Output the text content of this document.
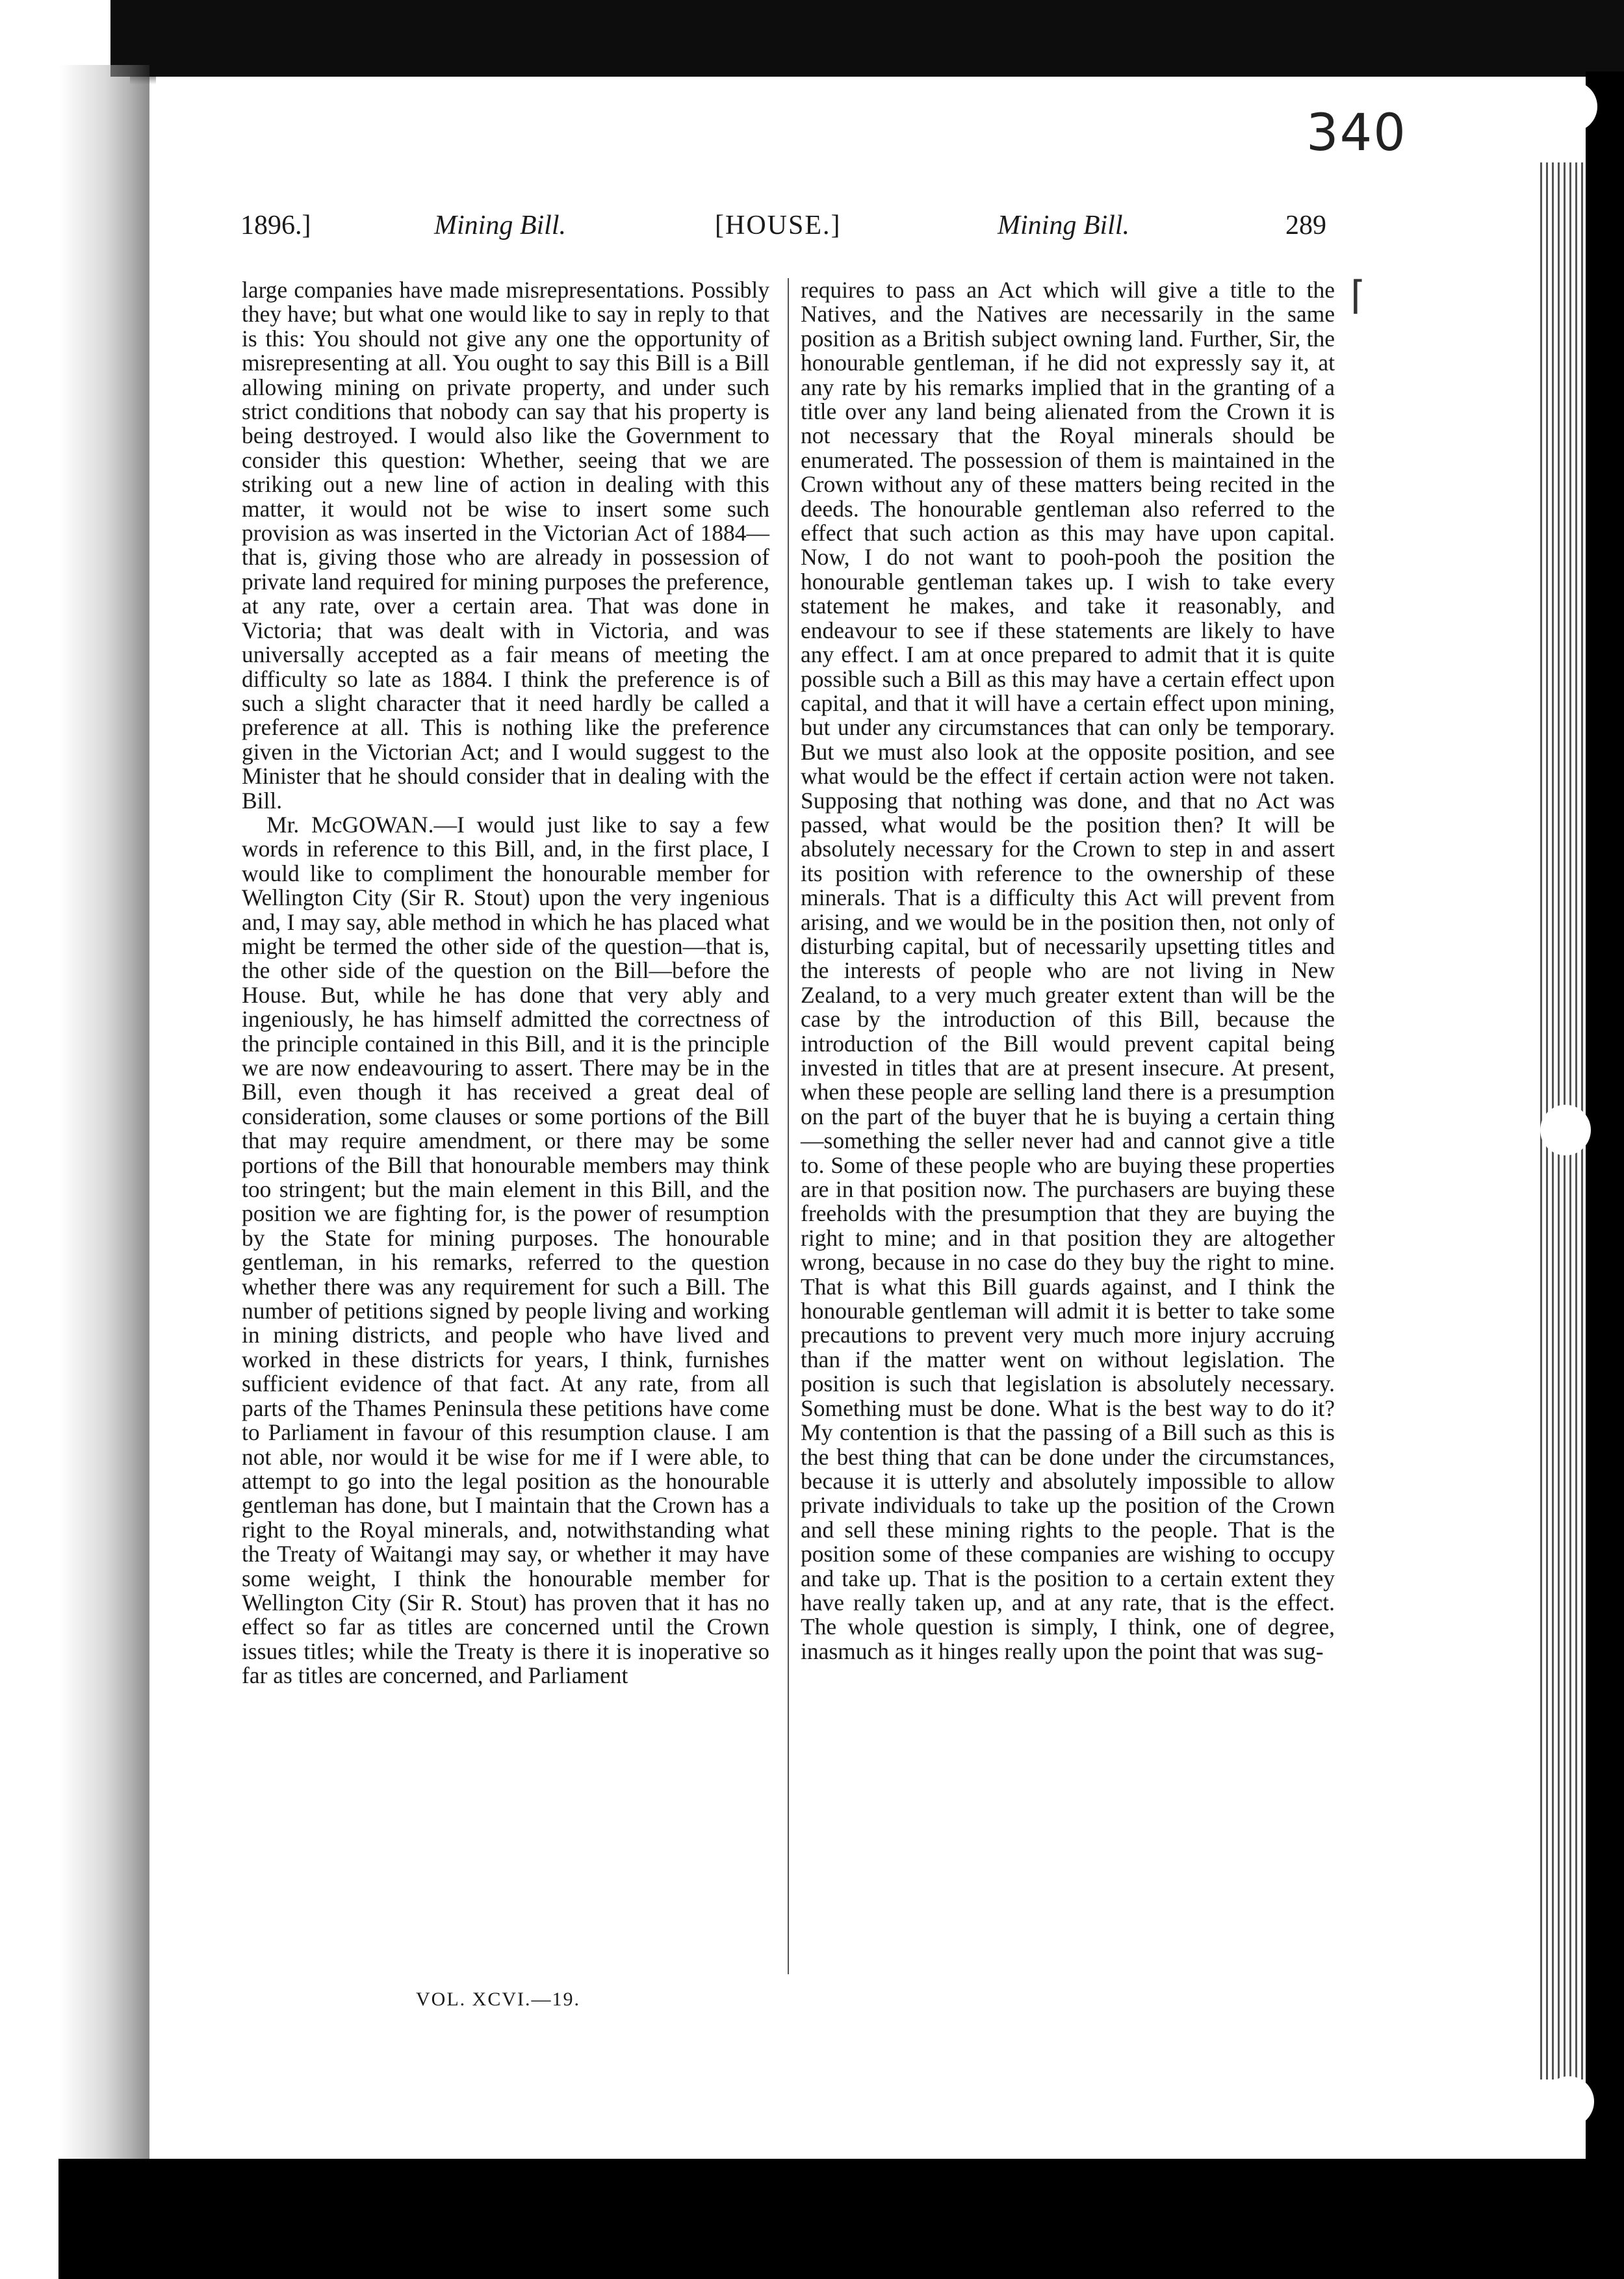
340
1896.]	Mining Bill.	[HOUSE.]	Mining Bill.	289

large companies have made misrepresentations. Possibly they have; but what one would like to say in reply to that is this: You should not give any one the opportunity of misrepresenting at all. You ought to say this Bill is a Bill allowing mining on private property, and under such strict conditions that nobody can say that his property is being destroyed. I would also like the Government to consider this question: Whether, seeing that we are striking out a new line of action in dealing with this matter, it would not be wise to insert some such provision as was inserted in the Victorian Act of 1884—that is, giving those who are already in possession of private land required for mining purposes the preference, at any rate, over a certain area. That was done in Victoria; that was dealt with in Victoria, and was universally accepted as a fair means of meeting the difficulty so late as 1884. I think the preference is of such a slight character that it need hardly be called a preference at all. This is nothing like the preference given in the Victorian Act; and I would suggest to the Minister that he should consider that in dealing with the Bill.

Mr. McGOWAN.—I would just like to say a few words in reference to this Bill, and, in the first place, I would like to compliment the honourable member for Wellington City (Sir R. Stout) upon the very ingenious and, I may say, able method in which he has placed what might be termed the other side of the question—that is, the other side of the question on the Bill—before the House. But, while he has done that very ably and ingeniously, he has himself admitted the correctness of the principle contained in this Bill, and it is the principle we are now endeavouring to assert. There may be in the Bill, even though it has received a great deal of consideration, some clauses or some portions of the Bill that may require amendment, or there may be some portions of the Bill that honourable members may think too stringent; but the main element in this Bill, and the position we are fighting for, is the power of resumption by the State for mining purposes. The honourable gentleman, in his remarks, referred to the question whether there was any requirement for such a Bill. The number of petitions signed by people living and working in mining districts, and people who have lived and worked in these districts for years, I think, furnishes sufficient evidence of that fact. At any rate, from all parts of the Thames Peninsula these petitions have come to Parliament in favour of this resumption clause. I am not able, nor would it be wise for me if I were able, to attempt to go into the legal position as the honourable gentleman has done, but I maintain that the Crown has a right to the Royal minerals, and, notwithstanding what the Treaty of Waitangi may say, or whether it may have some weight, I think the honourable member for Wellington City (Sir R. Stout) has proven that it has no effect so far as titles are concerned until the Crown issues titles; while the Treaty is there it is inoperative so far as titles are concerned, and Parliament

requires to pass an Act which will give a title to the Natives, and the Natives are necessarily in the same position as a British subject owning land. Further, Sir, the honourable gentleman, if he did not expressly say it, at any rate by his remarks implied that in the granting of a title over any land being alienated from the Crown it is not necessary that the Royal minerals should be enumerated. The possession of them is maintained in the Crown without any of these matters being recited in the deeds. The honourable gentleman also referred to the effect that such action as this may have upon capital. Now, I do not want to pooh-pooh the position the honourable gentleman takes up. I wish to take every statement he makes, and take it reasonably, and endeavour to see if these statements are likely to have any effect. I am at once prepared to admit that it is quite possible such a Bill as this may have a certain effect upon capital, and that it will have a certain effect upon mining, but under any circumstances that can only be temporary. But we must also look at the opposite position, and see what would be the effect if certain action were not taken. Supposing that nothing was done, and that no Act was passed, what would be the position then? It will be absolutely necessary for the Crown to step in and assert its position with reference to the ownership of these minerals. That is a difficulty this Act will prevent from arising, and we would be in the position then, not only of disturbing capital, but of necessarily upsetting titles and the interests of people who are not living in New Zealand, to a very much greater extent than will be the case by the introduction of this Bill, because the introduction of the Bill would prevent capital being invested in titles that are at present insecure. At present, when these people are selling land there is a presumption on the part of the buyer that he is buying a certain thing—something the seller never had and cannot give a title to. Some of these people who are buying these properties are in that position now. The purchasers are buying these freeholds with the presumption that they are buying the right to mine; and in that position they are altogether wrong, because in no case do they buy the right to mine. That is what this Bill guards against, and I think the honourable gentleman will admit it is better to take some precautions to prevent very much more injury accruing than if the matter went on without legislation. The position is such that legislation is absolutely necessary. Something must be done. What is the best way to do it? My contention is that the passing of a Bill such as this is the best thing that can be done under the circumstances, because it is utterly and absolutely impossible to allow private individuals to take up the position of the Crown and sell these mining rights to the people. That is the position some of these companies are wishing to occupy and take up. That is the position to a certain extent they have really taken up, and at any rate, that is the effect. The whole question is simply, I think, one of degree, inasmuch as it hinges really upon the point that was sug-

⌈
VOL. XCVI.—19.
